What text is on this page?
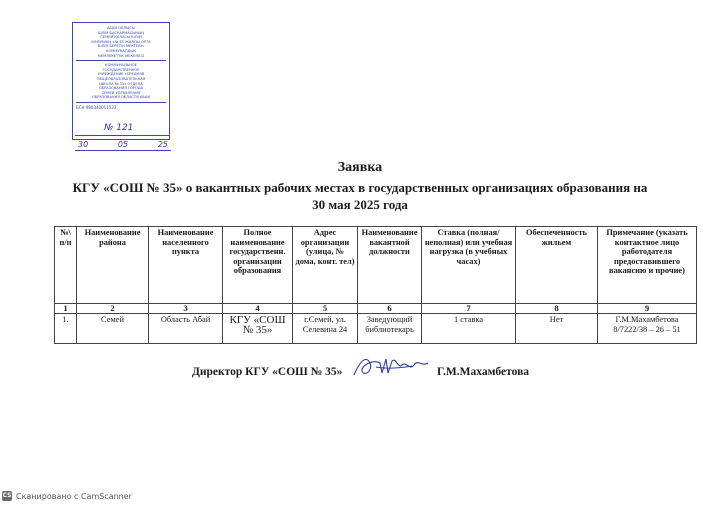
АБАЙ ОБЛЫСЫ
БІЛІМ БАСҚАРМАСЫНЫҢ
СЕМЕЙ ҚАЛАСЫ БІЛІМ
БӨЛІМІНІҢ «№ 35 ЖАЛПЫ ОРТА
БІЛІМ БЕРЕТІН МЕКТЕБІ»
КОММУНАЛДЫҚ
МЕМЛЕКЕТТІК МЕКЕМЕСІ
КОММУНАЛЬНОЕ
ГОСУДАРСТВЕННОЕ
УЧРЕЖДЕНИЕ «СРЕДНЯЯ
ОБЩЕОБРАЗОВАТЕЛЬНАЯ
ШКОЛА № 35» ОТДЕЛА
ОБРАЗОВАНИЯ ГОРОДА
СЕМЕЙ УПРАВЛЕНИЯ
ОБРАЗОВАНИЯ ОБЛАСТИ АБАЙ
БСН 980340011533
№ 121
30	05	25
Заявка
КГУ «СОШ № 35» о вакантных рабочих местах в государственных организациях образования на
30 мая 2025 года
№\ п/п	Наименование района	Наименование населенного пункта	Полное наименование государственн. организации образования	Адрес организации (улица, № дома, конт. тел)	Наименование вакантной должности	Ставка (полная/неполная) или учебная нагрузка (в учебных часах)	Обеспеченность жильем	Примечание (указать контактное лицо работодателя предоставившего вакансию и прочие)
1	2	3	4	5	6	7	8	9
1.	Семей	Область Абай	КГУ «СОШ № 35»	г.Семей, ул. Селевина 24	Заведующий библиотекарь	1 ставка	Нет	Г.М.Махамбетова 8/7222/38 – 26 – 51
Директор КГУ «СОШ № 35»	Г.М.Махамбетова
CS Сканировано с CamScanner
